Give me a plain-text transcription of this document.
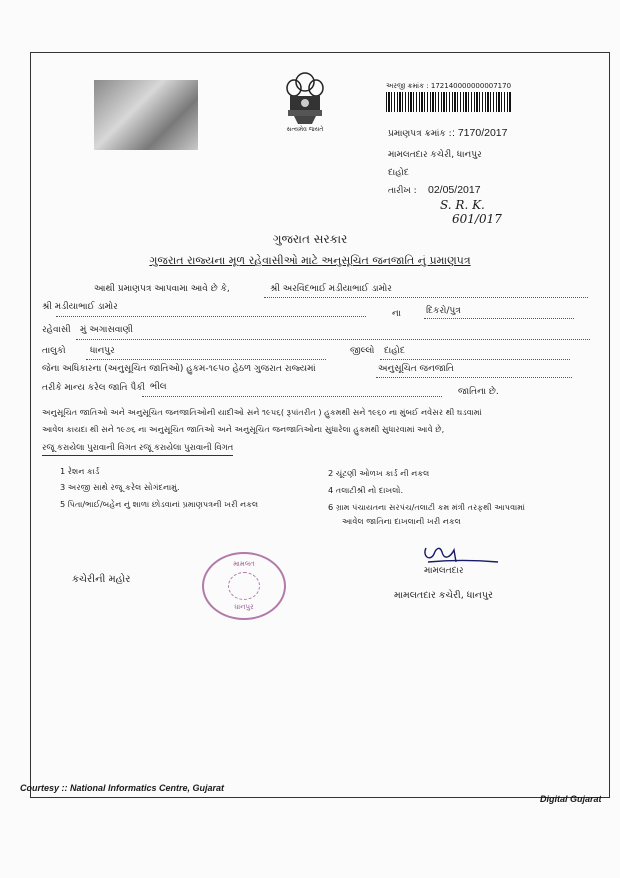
સત્યમેવ જયતે
અરજી ક્રમાંક : 172140000000007170
પ્રમાણપત્ર ક્રમાંક : : 7170/2017
મામલતદાર કચેરી, ધાનપુર
દાહોદ
તારીખ : 02/05/2017
S. R. K.
601/017
ગુજરાત સરકાર
ગુજરાત રાજ્યના મૂળ રહેવાસીઓ માટે અનુસૂચિત જનજાતિ નું પ્રમાણપત્ર
આથી પ્રમાણપત્ર આપવામા આવે છે કે,	શ્રી અરવિંદભાઈ મડીયાભાઈ ડામોર
શ્રી મડીયાભાઈ ડામોર
ના	દિકરો/પુત્ર
રહેવાસી મું અગાસવાણી
તાલુકો	ધાનપુર	જીલ્લો દાહોદ
જેના અધિકારના (અનુસૂચિત જાતિઓ) હુકમ-૧૯૫૦ હેઠળ ગુજરાત રાજ્યમાં	અનુસૂચિત જનજાતિ
તરીકે માન્ય કરેલ જાતિ પૈકી ભીલ	જાતિના છે.
અનુસૂચિત જાતિઓ અને અનુસૂચિત જનજાતિઓની યાદીઓ સને ૧૯૫૬( રૂપાંતરીત ) હુકમથી સને ૧૯૬૦ ના મુંબઈ નવેસર થી ઘડવામાં
આવેલ કાયદા થી સને ૧૯૭૬ ના અનુસૂચિત જાતિઓ અને અનુસૂચિત જનજાતિઓના સુધારેલા હુકમથી સુધારવામાં આવે છે,
રજૂ કરાયેલા પુરાવાની વિગત રજૂ કરાયેલા પુરાવાની વિગત
1 રેશન કાર્ડ	2 ચૂંટણી ઓળખ કાર્ડ ની નકલ
3 અરજી સાથે રજૂ કરેલ સોગંદનામું.	4 તલાટીશ્રી નો દાખલો.
5 પિતા/ભાઈ/બહેન નું શાળા છોડવાનાં પ્રમાણપત્રની ખરી નકલ	6 ગ્રામ પંચાયતના સરપંચ/તલાટી કમ મંત્રી તરફથી આપવામાં
આવેલ જાતિના દાખલાની ખરી નકલ
કચેરીની મહોર
મામલત
ધાનપુર
મામલતદાર
મામલતદાર કચેરી, ધાનપુર
Courtesy :: National Informatics Centre, Gujarat
Digital Gujarat
